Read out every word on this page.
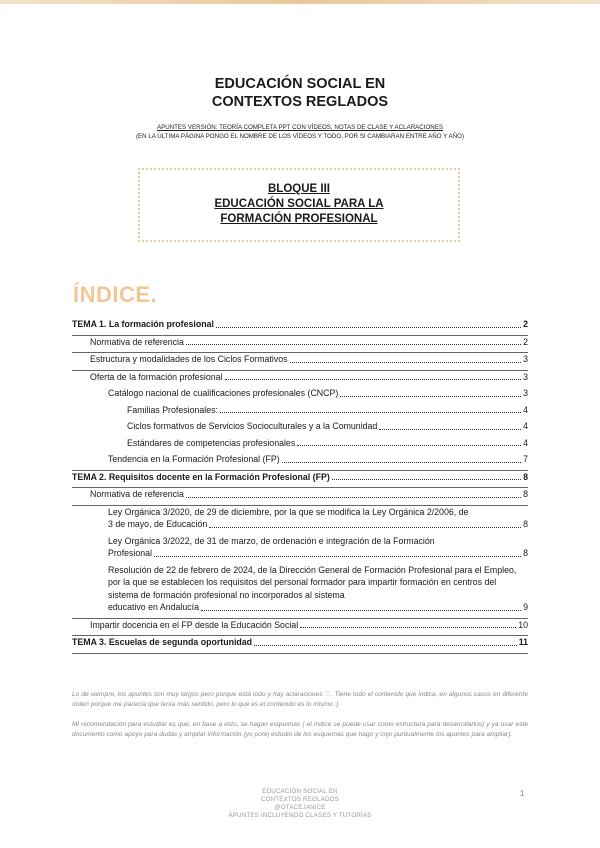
EDUCACIÓN SOCIAL EN
CONTEXTOS REGLADOS
APUNTES VERSIÓN: TEORÍA COMPLETA PPT CON VÍDEOS, NOTAS DE CLASE Y ACLARACIONES
(EN LA ÚLTIMA PÁGINA PONGO EL NOMBRE DE LOS VÍDEOS Y TODO, POR SI CAMBIARAN ENTRE AÑO Y AÑO)
BLOQUE III
EDUCACIÓN SOCIAL PARA LA
FORMACIÓN PROFESIONAL
ÍNDICE.
TEMA 1. La formación profesional	2
Normativa de referencia	2
Estructura y modalidades de los Ciclos Formativos	3
Oferta de la formación profesional	3
Catálogo nacional de cualificaciones profesionales (CNCP)	3
Familias Profesionales:	4
Ciclos formativos de Servicios Socioculturales y a la Comunidad	4
Estándares de competencias profesionales	4
Tendencia en la Formación Profesional (FP)	7
TEMA 2. Requisitos docente en la Formación Profesional (FP)	8
Normativa de referencia	8
Ley Orgánica 3/2020, de 29 de diciembre, por la que se modifica la Ley Orgánica 2/2006, de
3 de mayo, de Educación	8
Ley Orgánica 3/2022, de 31 de marzo, de ordenación e integración de la Formación
Profesional	8
Resolución de 22 de febrero de 2024, de la Dirección General de Formación Profesional para el Empleo, por la que se establecen los requisitos del personal formador para impartir formación en centros del sistema de formación profesional no incorporados al sistema
educativo en Andalucía	9
Impartir docencia en el FP desde la Educación Social	10
TEMA 3. Escuelas de segunda oportunidad	11

Lo de siempre, los apuntes son muy largos pero porque está todo y hay aclaraciones ♡. Tiene todo el contenido que indica, en algunos casos en diferente orden porque me parecía que tenía más sentido, pero lo que es el contenido es lo mismo :)

Mi recomendación para estudiar es que, en base a esto, se hagan esquemas ( el índice se puede usar como estructura para desarrollarlos) y ya usar este documento como apoyo para dudas y ampliar información (yo porej estudio de los esquemas que hago y cojo puntualmente los apuntes para ampliar).

EDUCACIÓN SOCIAL EN
CONTEXTOS REGLADOS
@OTACEJANICE
APUNTES INCLUYENDO CLASES Y TUTORÍAS
1
